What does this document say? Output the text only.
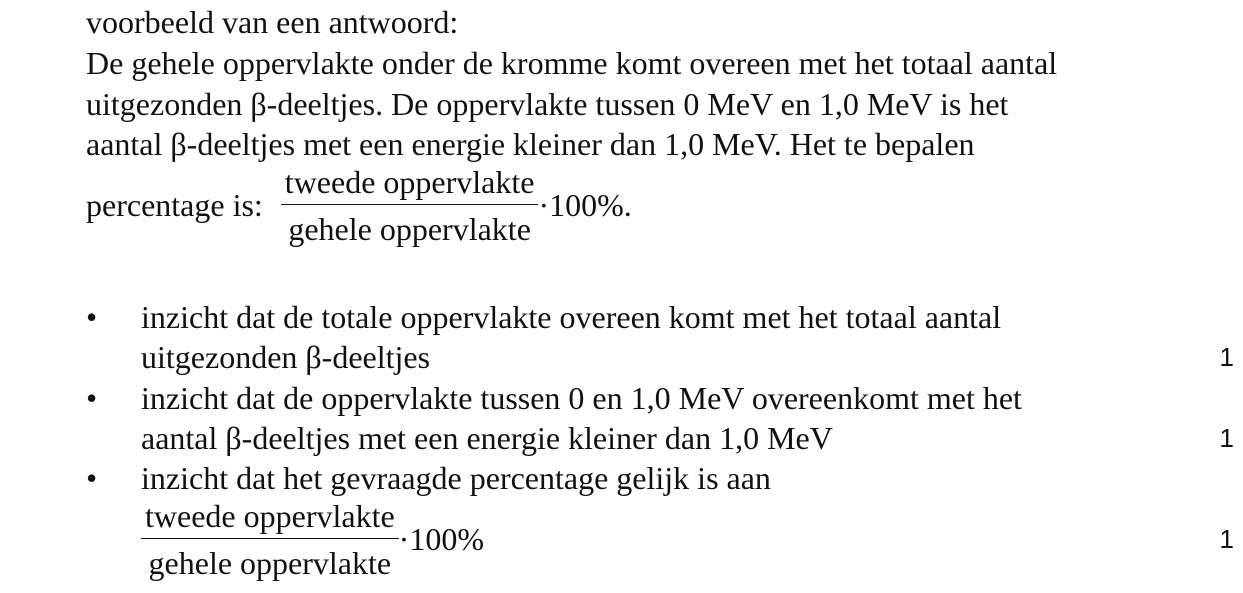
voorbeeld van een antwoord:
De gehele oppervlakte onder de kromme komt overeen met het totaal aantal
uitgezonden β-deeltjes. De oppervlakte tussen 0 MeV en 1,0 MeV is het
aantal β-deeltjes met een energie kleiner dan 1,0 MeV. Het te bepalen
percentage is: $\frac{\text{tweede oppervlakte}}{\text{gehele oppervlakte}} \cdot 100\%$.
• inzicht dat de totale oppervlakte overeen komt met het totaal aantal
uitgezonden β-deeltjes	1
• inzicht dat de oppervlakte tussen 0 en 1,0 MeV overeenkomt met het
aantal β-deeltjes met een energie kleiner dan 1,0 MeV	1
• inzicht dat het gevraagde percentage gelijk is aan
$\frac{\text{tweede oppervlakte}}{\text{gehele oppervlakte}} \cdot 100\%$	1
